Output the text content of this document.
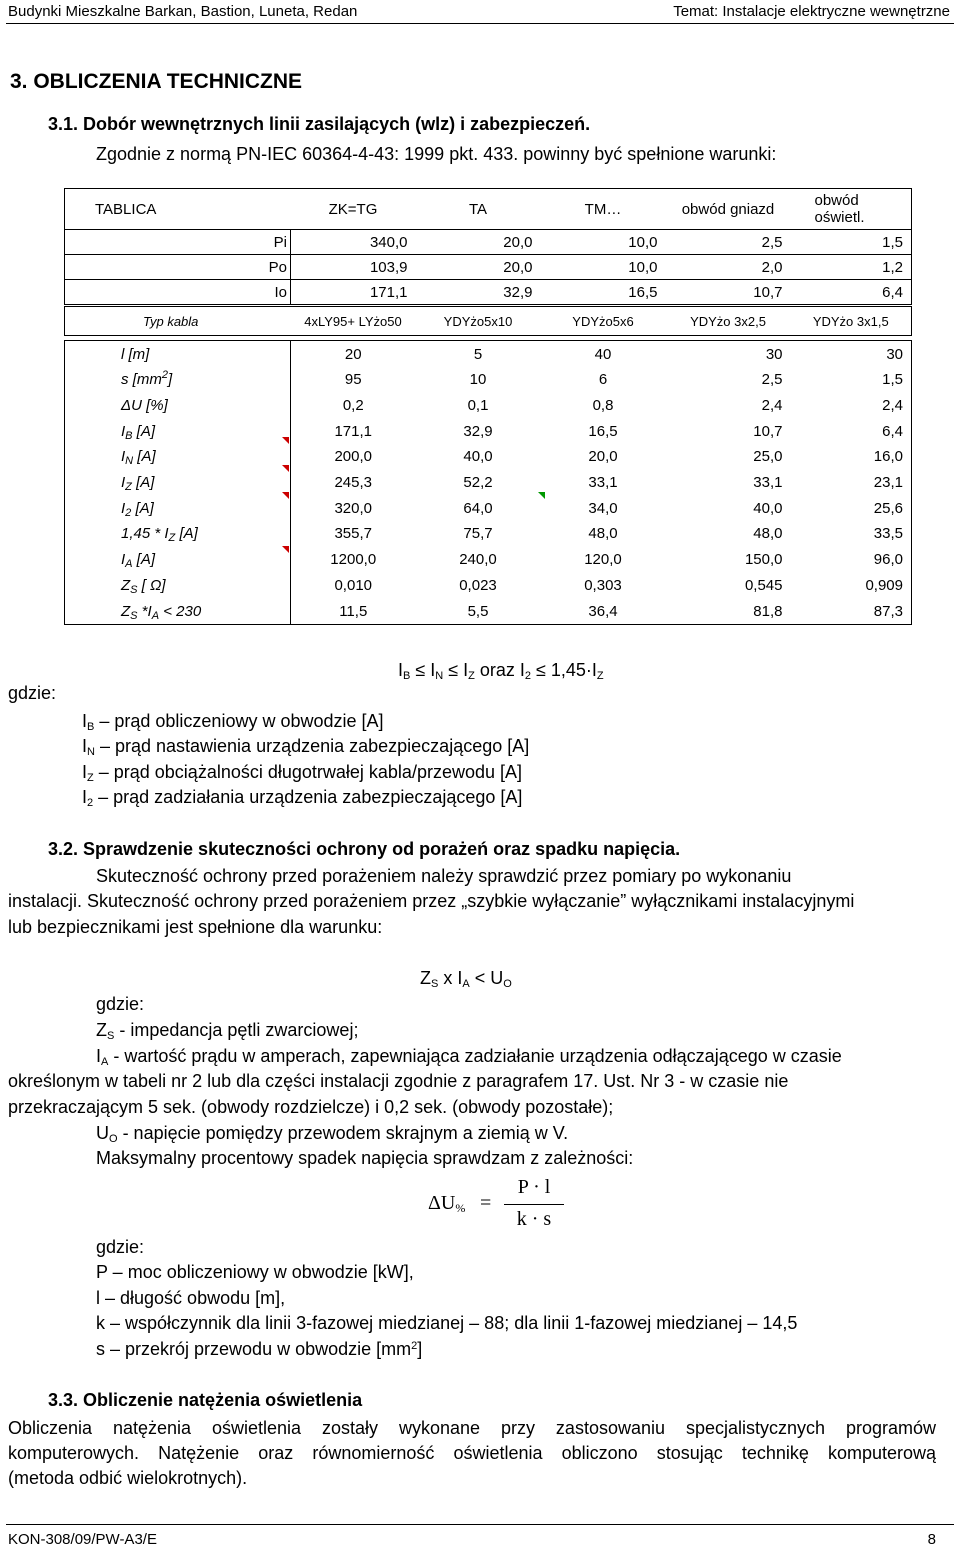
Budynki Mieszkalne Barkan, Bastion, Luneta, Redan	Temat: Instalacje elektryczne wewnętrzne
3. OBLICZENIA TECHNICZNE
3.1. Dobór wewnętrznych linii zasilających (wlz) i zabezpieczeń.
Zgodnie z normą PN-IEC 60364-4-43: 1999 pkt. 433. powinny być spełnione warunki:
TABLICA	ZK=TG	TA	TM…	obwód gniazd	obwód oświetl.
Pi	340,0	20,0	10,0	2,5	1,5
Po	103,9	20,0	10,0	2,0	1,2
Io	171,1	32,9	16,5	10,7	6,4
Typ kabla	4xLY95+ LYżo50	YDYżo5x10	YDYżo5x6	YDYżo 3x2,5	YDYżo 3x1,5
l [m]	20	5	40	30	30
s $[mm^2]$	95	10	6	2,5	1,5
ΔU [%]	0,2	0,1	0,8	2,4	2,4
$I_B$ [A]	171,1	32,9	16,5	10,7	6,4
$I_N$ [A]	200,0	40,0	20,0	25,0	16,0
$I_Z$ [A]	245,3	52,2	33,1	33,1	23,1
$I_2$ [A]	320,0	64,0	34,0	40,0	25,6
$1,45 * I_Z$ [A]	355,7	75,7	48,0	48,0	33,5
$I_A$ [A]	1200,0	240,0	120,0	150,0	96,0
$Z_S$ [ Ω]	0,010	0,023	0,303	0,545	0,909
$Z_S$ $*I_A < 230$	11,5	5,5	36,4	81,8	87,3
$I_B \le I_N \le I_Z$ oraz $I_2 \le 1,45\cdot I_Z$
gdzie:
$I_B$ – prąd obliczeniowy w obwodzie [A]
$I_N$ – prąd nastawienia urządzenia zabezpieczającego [A]
$I_Z$ – prąd obciążalności długotrwałej kabla/przewodu [A]
$I_2$ – prąd zadziałania urządzenia zabezpieczającego [A]
3.2. Sprawdzenie skuteczności ochrony od porażeń oraz spadku napięcia.
Skuteczność ochrony przed porażeniem należy sprawdzić przez pomiary po wykonaniu
instalacji. Skuteczność ochrony przed porażeniem przez „szybkie wyłączanie” wyłącznikami instalacyjnymi
lub bezpiecznikami jest spełnione dla warunku:
$Z_S$ x $I_A < U_O$
gdzie:
$Z_S$ - impedancja pętli zwarciowej;
$I_A$ - wartość prądu w amperach, zapewniająca zadziałanie urządzenia odłączającego w czasie
określonym w tabeli nr 2 lub dla części instalacji zgodnie z paragrafem 17. Ust. Nr 3 - w czasie nie
przekraczającym 5 sek. (obwody rozdzielcze) i 0,2 sek. (obwody pozostałe);
$U_O$ - napięcie pomiędzy przewodem skrajnym a ziemią w V.
Maksymalny procentowy spadek napięcia sprawdzam z zależności:
$\Delta U_{\%}$ =
P · l
k · s
gdzie:
P – moc obliczeniowy w obwodzie [kW],
l – długość obwodu [m],
k – współczynnik dla linii 3-fazowej miedzianej – 88; dla linii 1-fazowej miedzianej – 14,5
s – przekrój przewodu w obwodzie $[mm^2]$
3.3. Obliczenie natężenia oświetlenia
Obliczenia natężenia oświetlenia zostały wykonane przy zastosowaniu specjalistycznych programów
komputerowych. Natężenie oraz równomierność oświetlenia obliczono stosując technikę komputerową
(metoda odbić wielokrotnych).
KON-308/09/PW-A3/E	8
